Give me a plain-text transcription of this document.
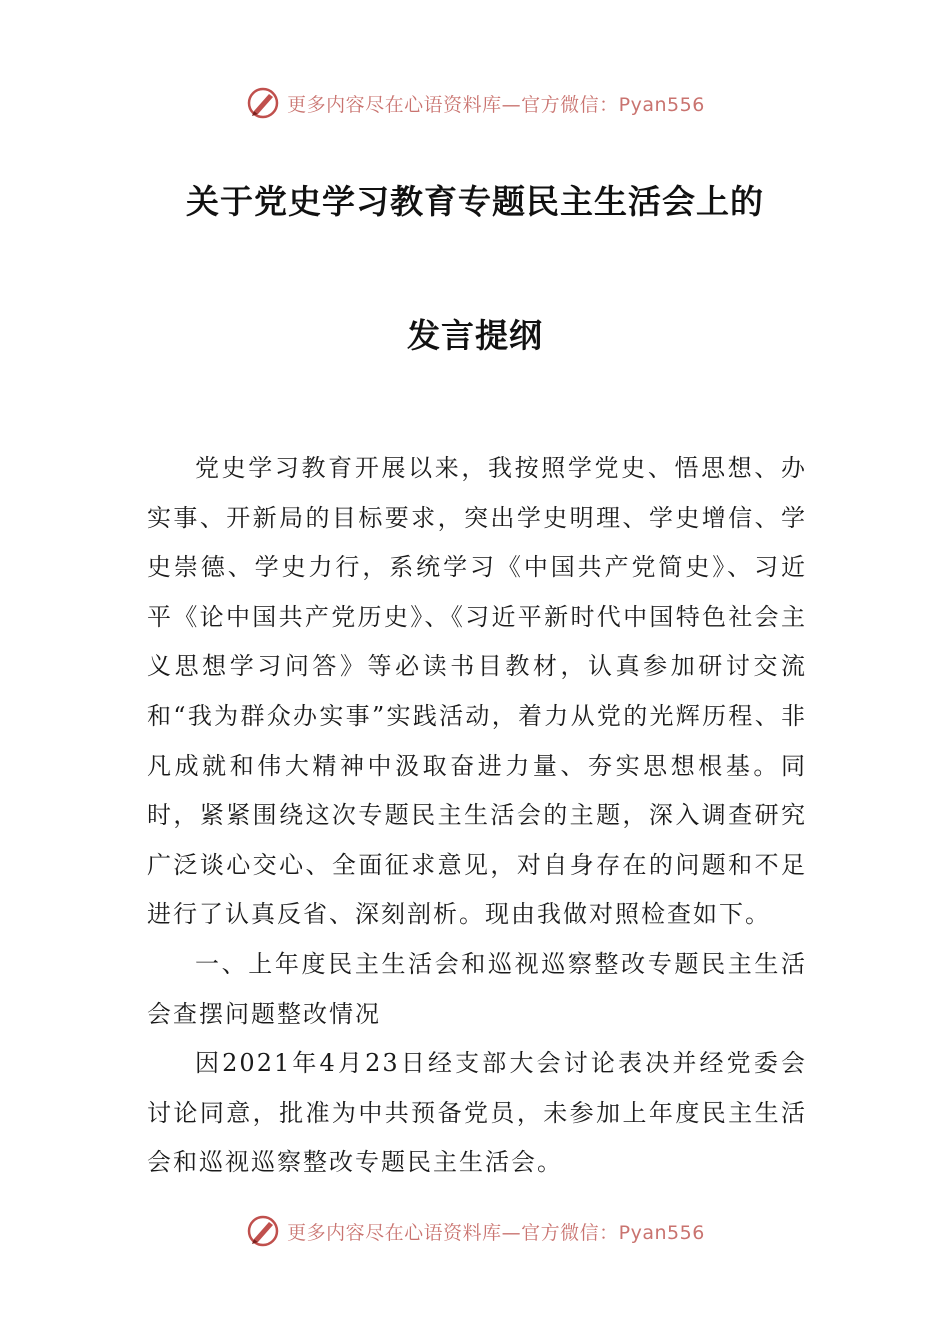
更多内容尽在心语资料库—官方微信：Pyan556
关于党史学习教育专题民主生活会上的
发言提纲

党史学习教育开展以来，我按照学党史、悟思想、办实事、开新局的目标要求，突出学史明理、学史增信、学史崇德、学史力行，系统学习《中国共产党简史》、习近平《论中国共产党历史》、《习近平新时代中国特色社会主义思想学习问答》等必读书目教材，认真参加研讨交流和“我为群众办实事”实践活动，着力从党的光辉历程、非凡成就和伟大精神中汲取奋进力量、夯实思想根基。同时，紧紧围绕这次专题民主生活会的主题，深入调查研究广泛谈心交心、全面征求意见，对自身存在的问题和不足进行了认真反省、深刻剖析。现由我做对照检查如下。

一、上年度民主生活会和巡视巡察整改专题民主生活会查摆问题整改情况

因2021年4月23日经支部大会讨论表决并经党委会讨论同意，批准为中共预备党员，未参加上年度民主生活会和巡视巡察整改专题民主生活会。

更多内容尽在心语资料库—官方微信：Pyan556
